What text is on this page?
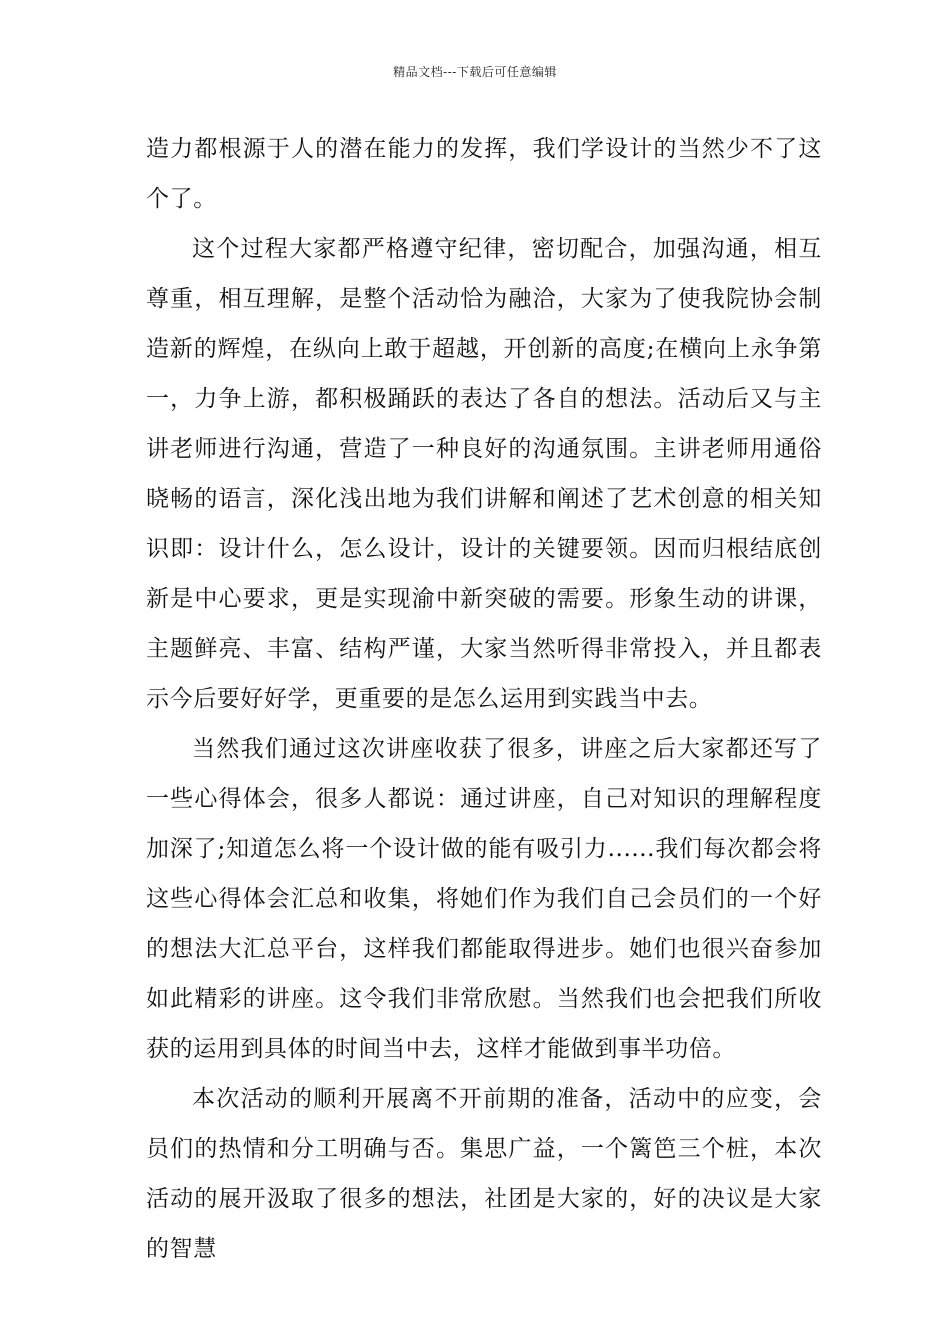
精品文档---下载后可任意编辑

造力都根源于人的潜在能力的发挥，我们学设计的当然少不了这个了。

这个过程大家都严格遵守纪律，密切配合，加强沟通，相互尊重，相互理解，是整个活动恰为融洽，大家为了使我院协会制造新的辉煌，在纵向上敢于超越，开创新的高度;在横向上永争第一，力争上游，都积极踊跃的表达了各自的想法。活动后又与主讲老师进行沟通，营造了一种良好的沟通氛围。主讲老师用通俗晓畅的语言，深化浅出地为我们讲解和阐述了艺术创意的相关知识即：设计什么，怎么设计，设计的关键要领。因而归根结底创新是中心要求，更是实现渝中新突破的需要。形象生动的讲课，主题鲜亮、丰富、结构严谨，大家当然听得非常投入，并且都表示今后要好好学，更重要的是怎么运用到实践当中去。

当然我们通过这次讲座收获了很多，讲座之后大家都还写了一些心得体会，很多人都说：通过讲座，自己对知识的理解程度加深了;知道怎么将一个设计做的能有吸引力......我们每次都会将这些心得体会汇总和收集，将她们作为我们自己会员们的一个好的想法大汇总平台，这样我们都能取得进步。她们也很兴奋参加如此精彩的讲座。这令我们非常欣慰。当然我们也会把我们所收获的运用到具体的时间当中去，这样才能做到事半功倍。

本次活动的顺利开展离不开前期的准备，活动中的应变，会员们的热情和分工明确与否。集思广益，一个篱笆三个桩，本次活动的展开汲取了很多的想法，社团是大家的，好的决议是大家的智慧
